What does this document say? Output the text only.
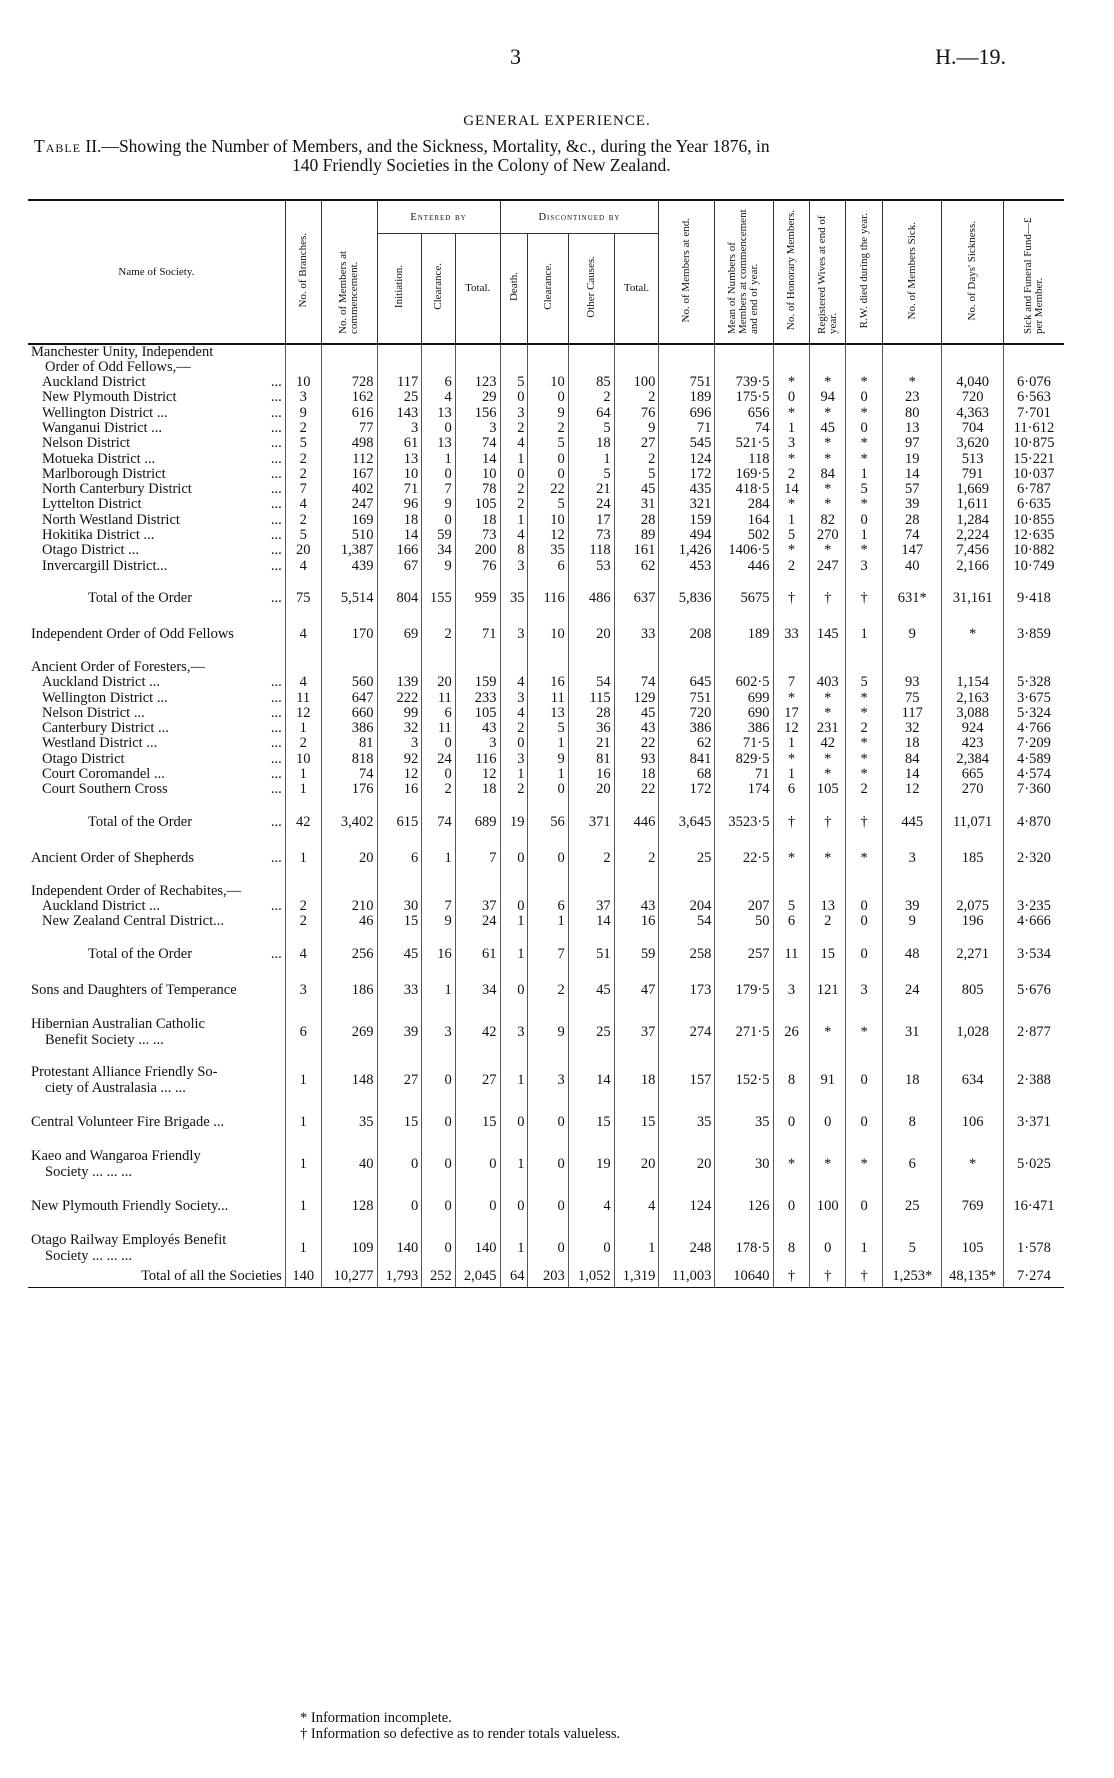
3	H.—19.
GENERAL EXPERIENCE.
Table II.—Showing the Number of Members, and the Sickness, Mortality, &c., during the Year 1876, in
140 Friendly Societies in the Colony of New Zealand.
Name of Society.	No. of Branches.	No. of Members at commencement.	Entered by			Discontinued by				No. of Members at end.	Mean of Numbers of Members at commencement and end of year.	No. of Honorary Members.	Registered Wives at end of year.	R.W. died during the year.	No. of Members Sick.	No. of Days' Sickness.	Sick and Funeral Fund—£ per Member.
			Initiation.	Clearance.	Total.	Death.	Clearance.	Other Causes.	Total.								

Manchester Unity, Independent
Order of Odd Fellows,—																	

Auckland District ...	10	728	117	6	123	5	10	85	100	751	739·5	*	*	*	*	4,040	6·076
New Plymouth District ...	3	162	25	4	29	0	0	2	2	189	175·5	0	94	0	23	720	6·563
Wellington District ... ...	9	616	143	13	156	3	9	64	76	696	656	*	*	*	80	4,363	7·701
Wanganui District ... ...	2	77	3	0	3	2	2	5	9	71	74	1	45	0	13	704	11·612
Nelson District ...	5	498	61	13	74	4	5	18	27	545	521·5	3	*	*	97	3,620	10·875
Motueka District ... ...	2	112	13	1	14	1	0	1	2	124	118	*	*	*	19	513	15·221
Marlborough District ...	2	167	10	0	10	0	0	5	5	172	169·5	2	84	1	14	791	10·037
North Canterbury District ...	7	402	71	7	78	2	22	21	45	435	418·5	14	*	5	57	1,669	6·787
Lyttelton District ...	4	247	96	9	105	2	5	24	31	321	284	*	*	*	39	1,611	6·635
North Westland District ...	2	169	18	0	18	1	10	17	28	159	164	1	82	0	28	1,284	10·855
Hokitika District ... ...	5	510	14	59	73	4	12	73	89	494	502	5	270	1	74	2,224	12·635
Otago District ... ...	20	1,387	166	34	200	8	35	118	161	1,426	1406·5	*	*	*	147	7,456	10·882
Invercargill District... ...	4	439	67	9	76	3	6	53	62	453	446	2	247	3	40	2,166	10·749

Total of the Order ...	75	5,514	804	155	959	35	116	486	637	5,836	5675	†	†	†	631*	31,161	9·418

Independent Order of Odd Fellows	4	170	69	2	71	3	10	20	33	208	189	33	145	1	9	*	3·859

Ancient Order of Foresters,—																	

Auckland District ... ...	4	560	139	20	159	4	16	54	74	645	602·5	7	403	5	93	1,154	5·328
Wellington District ... ...	11	647	222	11	233	3	11	115	129	751	699	*	*	*	75	2,163	3·675
Nelson District ... ...	12	660	99	6	105	4	13	28	45	720	690	17	*	*	117	3,088	5·324
Canterbury District ... ...	1	386	32	11	43	2	5	36	43	386	386	12	231	2	32	924	4·766
Westland District ... ...	2	81	3	0	3	0	1	21	22	62	71·5	1	42	*	18	423	7·209
Otago District ...	10	818	92	24	116	3	9	81	93	841	829·5	*	*	*	84	2,384	4·589
Court Coromandel ... ...	1	74	12	0	12	1	1	16	18	68	71	1	*	*	14	665	4·574
Court Southern Cross ...	1	176	16	2	18	2	0	20	22	172	174	6	105	2	12	270	7·360

Total of the Order ...	42	3,402	615	74	689	19	56	371	446	3,645	3523·5	†	†	†	445	11,071	4·870

Ancient Order of Shepherds ...	1	20	6	1	7	0	0	2	2	25	22·5	*	*	*	3	185	2·320

Independent Order of Rechabites,—																	

Auckland District ... ...	2	210	30	7	37	0	6	37	43	204	207	5	13	0	39	2,075	3·235
New Zealand Central District...	2	46	15	9	24	1	1	14	16	54	50	6	2	0	9	196	4·666

Total of the Order ...	4	256	45	16	61	1	7	51	59	258	257	11	15	0	48	2,271	3·534

Sons and Daughters of Temperance	3	186	33	1	34	0	2	45	47	173	179·5	3	121	3	24	805	5·676

Hibernian Australian Catholic
Benefit Society ... ...	6	269	39	3	42	3	9	25	37	274	271·5	26	*	*	31	1,028	2·877

Protestant Alliance Friendly So-
ciety of Australasia ... ...	1	148	27	0	27	1	3	14	18	157	152·5	8	91	0	18	634	2·388

Central Volunteer Fire Brigade ...	1	35	15	0	15	0	0	15	15	35	35	0	0	0	8	106	3·371

Kaeo and Wangaroa Friendly
Society ... ... ...	1	40	0	0	0	1	0	19	20	20	30	*	*	*	6	*	5·025

New Plymouth Friendly Society...	1	128	0	0	0	0	0	4	4	124	126	0	100	0	25	769	16·471

Otago Railway Employés Benefit
Society ... ... ...	1	109	140	0	140	1	0	0	1	248	178·5	8	0	1	5	105	1·578
Total of all the Societies	140	10,277	1,793	252	2,045	64	203	1,052	1,319	11,003	10640	†	†	†	1,253*	48,135*	7·274
* Information incomplete.
† Information so defective as to render totals valueless.
